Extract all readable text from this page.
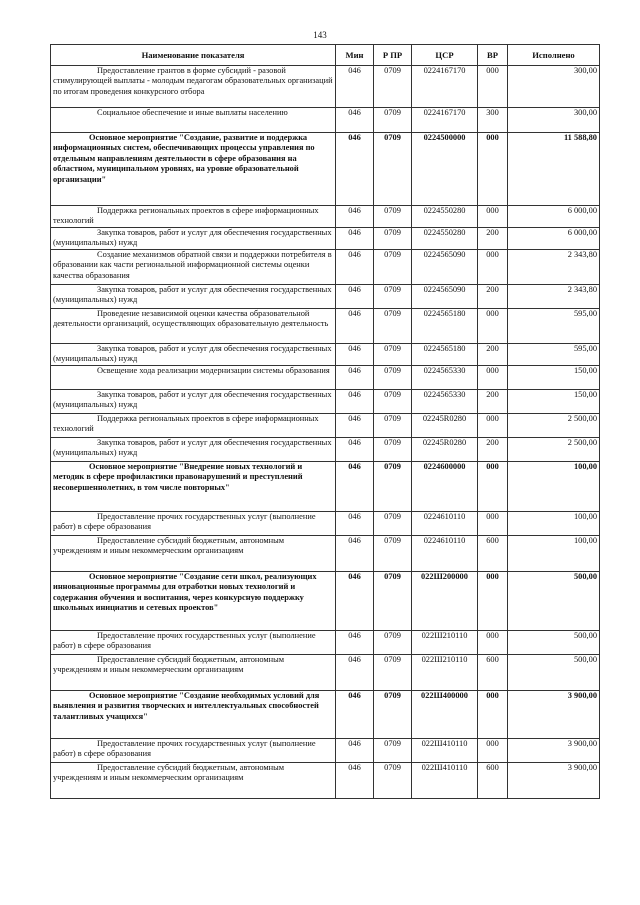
143
Наименование показателя	Мин	Р ПР	ЦСР	ВР	Исполнено
Предоставление грантов в форме субсидий - разовой стимулирующей выплаты - молодым педагогам образовательных организаций по итогам проведения конкурсного отбора	046	0709	0224167170	000	300,00
Социальное обеспечение и иные выплаты населению	046	0709	0224167170	300	300,00
Основное мероприятие "Создание, развитие и поддержка информационных систем, обеспечивающих процессы управления по отдельным направлениям деятельности в сфере образования на областном, муниципальном уровнях, на уровне образовательной организации"	046	0709	0224500000	000	11 588,80
Поддержка региональных проектов в сфере информационных технологий	046	0709	0224550280	000	6 000,00
Закупка товаров, работ и услуг для обеспечения государственных (муниципальных) нужд	046	0709	0224550280	200	6 000,00
Создание механизмов обратной связи и поддержки потребителя в образовании как части региональной информационной системы оценки качества образования	046	0709	0224565090	000	2 343,80
Закупка товаров, работ и услуг для обеспечения государственных (муниципальных) нужд	046	0709	0224565090	200	2 343,80
Проведение независимой оценки качества образовательной деятельности организаций, осуществляющих образовательную деятельность	046	0709	0224565180	000	595,00
Закупка товаров, работ и услуг для обеспечения государственных (муниципальных) нужд	046	0709	0224565180	200	595,00
Освещение хода реализации модернизации системы образования	046	0709	0224565330	000	150,00
Закупка товаров, работ и услуг для обеспечения государственных (муниципальных) нужд	046	0709	0224565330	200	150,00
Поддержка региональных проектов в сфере информационных технологий	046	0709	02245R0280	000	2 500,00
Закупка товаров, работ и услуг для обеспечения государственных (муниципальных) нужд	046	0709	02245R0280	200	2 500,00
Основное мероприятие "Внедрение новых технологий и методик в сфере профилактики правонарушений и преступлений несовершеннолетних, в том числе повторных"	046	0709	0224600000	000	100,00
Предоставление прочих государственных услуг (выполнение работ) в сфере образования	046	0709	0224610110	000	100,00
Предоставление субсидий бюджетным, автономным учреждениям и иным некоммерческим организациям	046	0709	0224610110	600	100,00
Основное мероприятие "Создание сети школ, реализующих инновационные программы для отработки новых технологий и содержания обучения и воспитания, через конкурсную поддержку школьных инициатив и сетевых проектов"	046	0709	022Ш200000	000	500,00
Предоставление прочих государственных услуг (выполнение работ) в сфере образования	046	0709	022Ш210110	000	500,00
Предоставление субсидий бюджетным, автономным учреждениям и иным некоммерческим организациям	046	0709	022Ш210110	600	500,00
Основное мероприятие "Создание необходимых условий для выявления и развития творческих и интеллектуальных способностей талантливых учащихся"	046	0709	022Ш400000	000	3 900,00
Предоставление прочих государственных услуг (выполнение работ) в сфере образования	046	0709	022Ш410110	000	3 900,00
Предоставление субсидий бюджетным, автономным учреждениям и иным некоммерческим организациям	046	0709	022Ш410110	600	3 900,00
